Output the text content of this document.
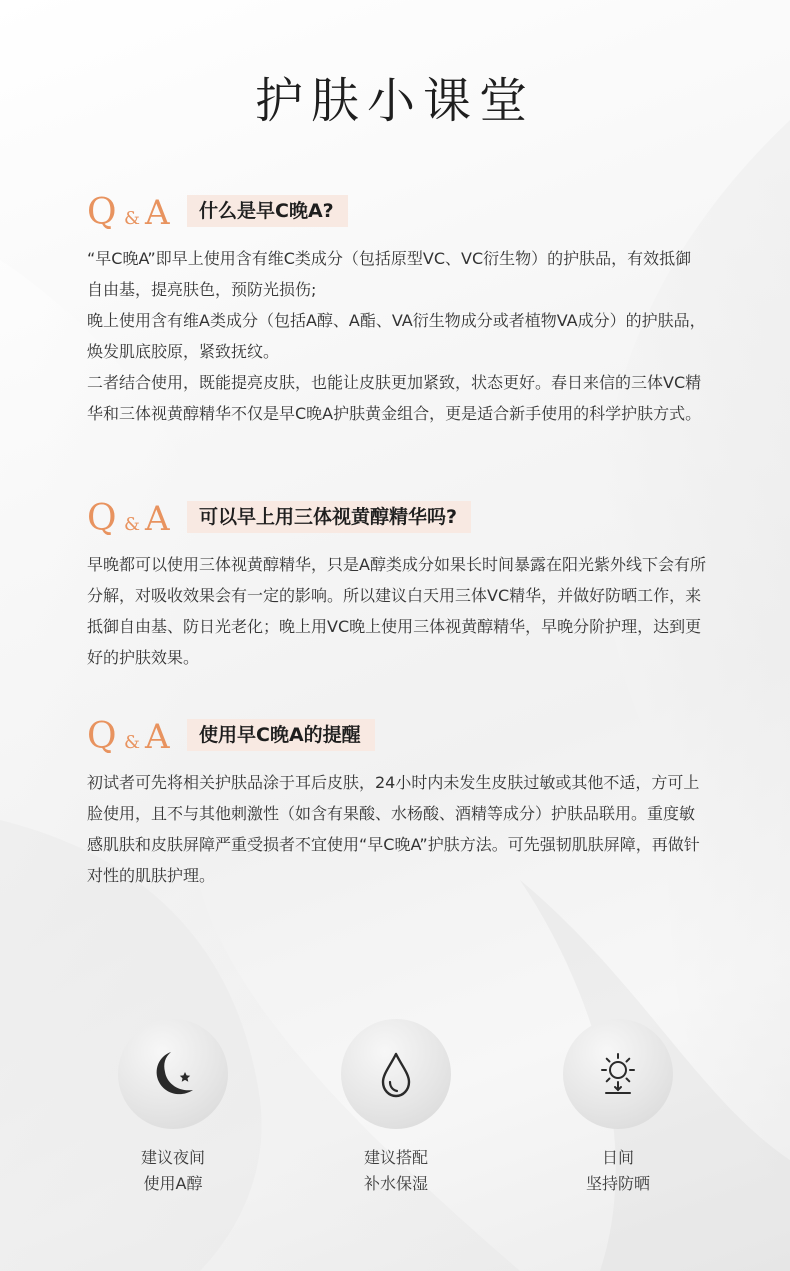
护肤小课堂
Q & A	什么是早C晚A?

“早C晚A”即早上使用含有维C类成分（包括原型VC、VC衍生物）的护肤品，有效抵御自由基，提亮肤色，预防光损伤;

晚上使用含有维A类成分（包括A醇、A酯、VA衍生物成分或者植物VA成分）的护肤品，焕发肌底胶原，紧致抚纹。

二者结合使用，既能提亮皮肤，也能让皮肤更加紧致，状态更好。春日来信的三体VC精华和三体视黄醇精华不仅是早C晚A护肤黄金组合，更是适合新手使用的科学护肤方式。

Q & A	可以早上用三体视黄醇精华吗?

早晚都可以使用三体视黄醇精华，只是A醇类成分如果长时间暴露在阳光紫外线下会有所分解，对吸收效果会有一定的影响。所以建议白天用三体VC精华，并做好防晒工作，来抵御自由基、防日光老化；晚上用VC晚上使用三体视黄醇精华，早晚分阶护理，达到更好的护肤效果。

Q & A	使用早C晚A的提醒

初试者可先将相关护肤品涂于耳后皮肤，24小时内未发生皮肤过敏或其他不适，方可上脸使用，且不与其他刺激性（如含有果酸、水杨酸、酒精等成分）护肤品联用。重度敏感肌肤和皮肤屏障严重受损者不宜使用“早C晚A”护肤方法。可先强韧肌肤屏障，再做针对性的肌肤护理。

建议夜间
使用A醇
建议搭配
补水保湿
日间
坚持防晒
